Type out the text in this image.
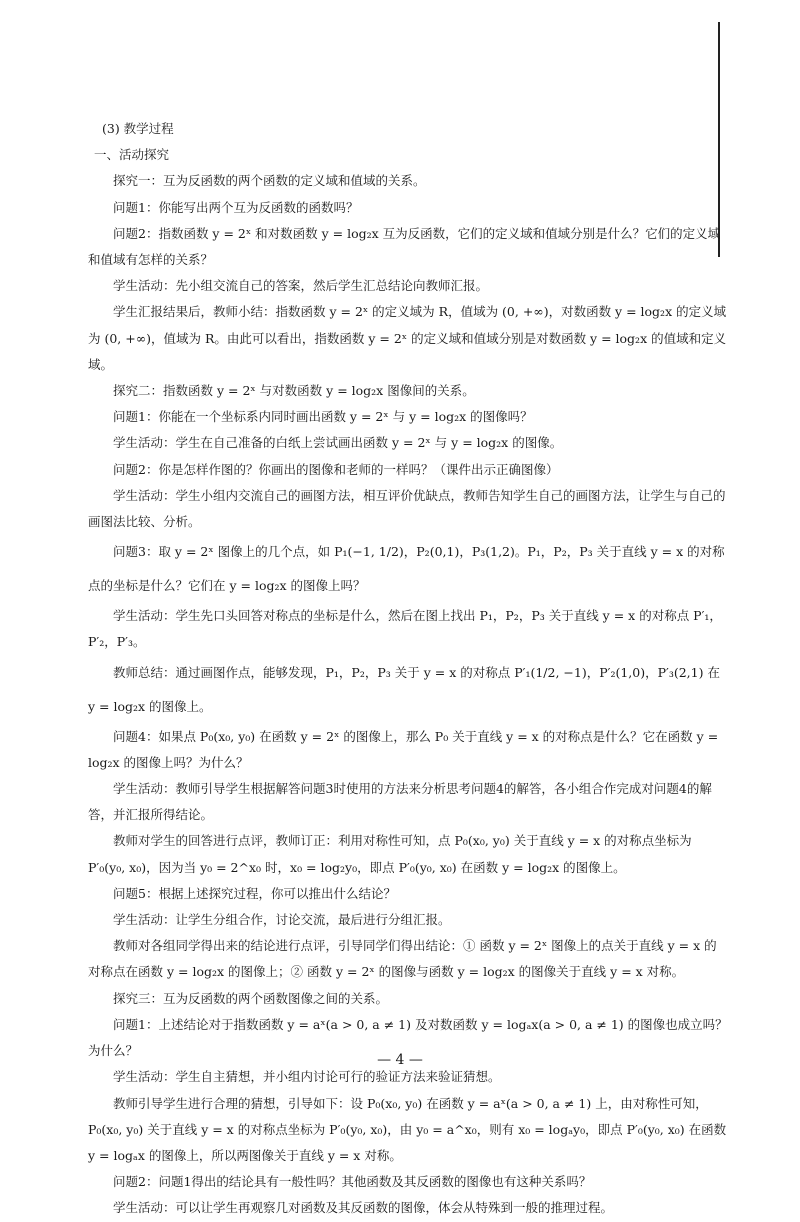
(3) 教学过程

一、活动探究

探究一：互为反函数的两个函数的定义域和值域的关系。

问题1：你能写出两个互为反函数的函数吗？

问题2：指数函数 y = 2ˣ 和对数函数 y = log₂x 互为反函数，它们的定义域和值域分别是什么？它们的定义域和值域有怎样的关系？

学生活动：先小组交流自己的答案，然后学生汇总结论向教师汇报。

学生汇报结果后，教师小结：指数函数 y = 2ˣ 的定义域为 R，值域为 (0, +∞)，对数函数 y = log₂x 的定义域为 (0, +∞)，值域为 R。由此可以看出，指数函数 y = 2ˣ 的定义域和值域分别是对数函数 y = log₂x 的值域和定义域。

探究二：指数函数 y = 2ˣ 与对数函数 y = log₂x 图像间的关系。

问题1：你能在一个坐标系内同时画出函数 y = 2ˣ 与 y = log₂x 的图像吗？

学生活动：学生在自己准备的白纸上尝试画出函数 y = 2ˣ 与 y = log₂x 的图像。

问题2：你是怎样作图的？你画出的图像和老师的一样吗？（课件出示正确图像）

学生活动：学生小组内交流自己的画图方法，相互评价优缺点，教师告知学生自己的画图方法，让学生与自己的画图法比较、分析。

问题3：取 y = 2ˣ 图像上的几个点，如 P₁(−1, 1/2)，P₂(0,1)，P₃(1,2)。P₁，P₂，P₃ 关于直线 y = x 的对称点的坐标是什么？它们在 y = log₂x 的图像上吗？

学生活动：学生先口头回答对称点的坐标是什么，然后在图上找出 P₁，P₂，P₃ 关于直线 y = x 的对称点 P′₁，P′₂，P′₃。

教师总结：通过画图作点，能够发现，P₁，P₂，P₃ 关于 y = x 的对称点 P′₁(1/2, −1)，P′₂(1,0)，P′₃(2,1) 在 y = log₂x 的图像上。

问题4：如果点 P₀(x₀, y₀) 在函数 y = 2ˣ 的图像上，那么 P₀ 关于直线 y = x 的对称点是什么？它在函数 y = log₂x 的图像上吗？为什么？

学生活动：教师引导学生根据解答问题3时使用的方法来分析思考问题4的解答，各小组合作完成对问题4的解答，并汇报所得结论。

教师对学生的回答进行点评，教师订正：利用对称性可知，点 P₀(x₀, y₀) 关于直线 y = x 的对称点坐标为 P′₀(y₀, x₀)，因为当 y₀ = 2^x₀ 时，x₀ = log₂y₀，即点 P′₀(y₀, x₀) 在函数 y = log₂x 的图像上。

问题5：根据上述探究过程，你可以推出什么结论？

学生活动：让学生分组合作，讨论交流，最后进行分组汇报。

教师对各组同学得出来的结论进行点评，引导同学们得出结论：① 函数 y = 2ˣ 图像上的点关于直线 y = x 的对称点在函数 y = log₂x 的图像上；② 函数 y = 2ˣ 的图像与函数 y = log₂x 的图像关于直线 y = x 对称。

探究三：互为反函数的两个函数图像之间的关系。

问题1：上述结论对于指数函数 y = aˣ(a > 0, a ≠ 1) 及对数函数 y = logₐx(a > 0, a ≠ 1) 的图像也成立吗？为什么？

学生活动：学生自主猜想，并小组内讨论可行的验证方法来验证猜想。

教师引导学生进行合理的猜想，引导如下：设 P₀(x₀, y₀) 在函数 y = aˣ(a > 0, a ≠ 1) 上，由对称性可知，P₀(x₀, y₀) 关于直线 y = x 的对称点坐标为 P′₀(y₀, x₀)，由 y₀ = a^x₀，则有 x₀ = logₐy₀，即点 P′₀(y₀, x₀) 在函数 y = logₐx 的图像上，所以两图像关于直线 y = x 对称。

问题2：问题1得出的结论具有一般性吗？其他函数及其反函数的图像也有这种关系吗？

学生活动：可以让学生再观察几对函数及其反函数的图像，体会从特殊到一般的推理过程。

— 4 —
